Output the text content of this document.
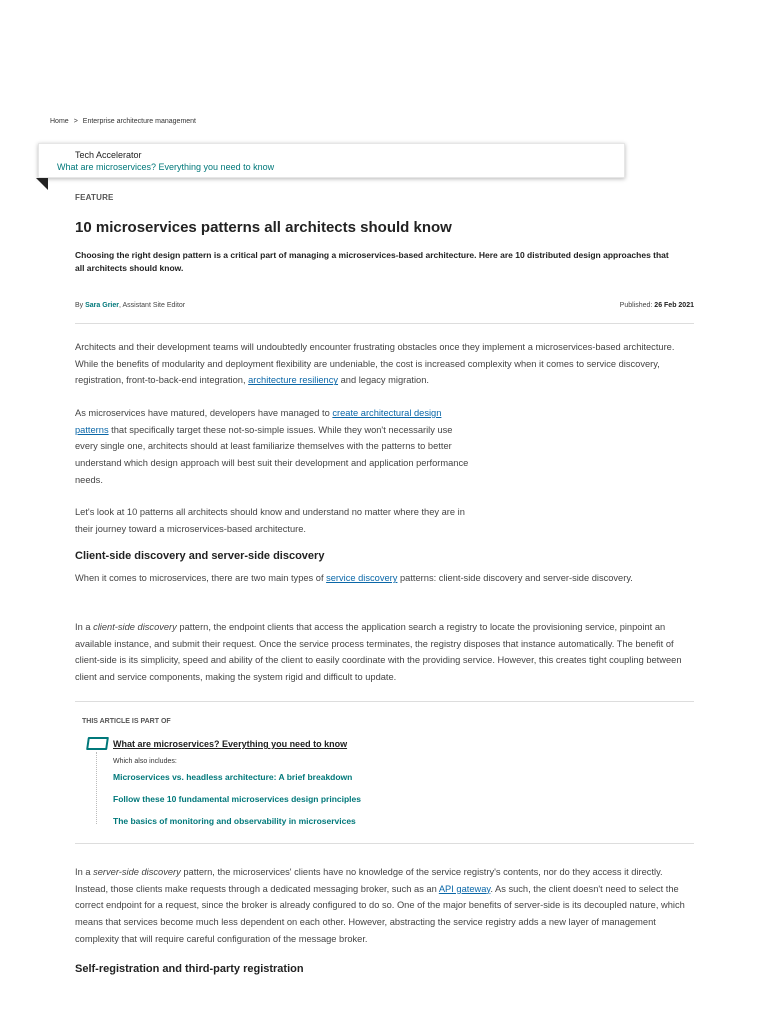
Home > Enterprise architecture management
Tech Accelerator
What are microservices? Everything you need to know
FEATURE
10 microservices patterns all architects should know

Choosing the right design pattern is a critical part of managing a microservices-based architecture. Here are 10 distributed design approaches that all architects should know.

By Sara Grier, Assistant Site Editor	Published: 26 Feb 2021

Architects and their development teams will undoubtedly encounter frustrating obstacles once they implement a microservices-based architecture. While the benefits of modularity and deployment flexibility are undeniable, the cost is increased complexity when it comes to service discovery, registration, front-to-back-end integration, architecture resiliency and legacy migration.

As microservices have matured, developers have managed to create architectural design patterns that specifically target these not-so-simple issues. While they won't necessarily use every single one, architects should at least familiarize themselves with the patterns to better understand which design approach will best suit their development and application performance needs.

Let's look at 10 patterns all architects should know and understand no matter where they are in their journey toward a microservices-based architecture.

Client-side discovery and server-side discovery

When it comes to microservices, there are two main types of service discovery patterns: client-side discovery and server-side discovery.

In a client-side discovery pattern, the endpoint clients that access the application search a registry to locate the provisioning service, pinpoint an available instance, and submit their request. Once the service process terminates, the registry disposes that instance automatically. The benefit of client-side is its simplicity, speed and ability of the client to easily coordinate with the providing service. However, this creates tight coupling between client and service components, making the system rigid and difficult to update.

THIS ARTICLE IS PART OF
What are microservices? Everything you need to know
Which also includes:
Microservices vs. headless architecture: A brief breakdown
Follow these 10 fundamental microservices design principles
The basics of monitoring and observability in microservices

In a server-side discovery pattern, the microservices' clients have no knowledge of the service registry's contents, nor do they access it directly. Instead, those clients make requests through a dedicated messaging broker, such as an API gateway. As such, the client doesn't need to select the correct endpoint for a request, since the broker is already configured to do so. One of the major benefits of server-side is its decoupled nature, which means that services become much less dependent on each other. However, abstracting the service registry adds a new layer of management complexity that will require careful configuration of the message broker.

Self-registration and third-party registration
